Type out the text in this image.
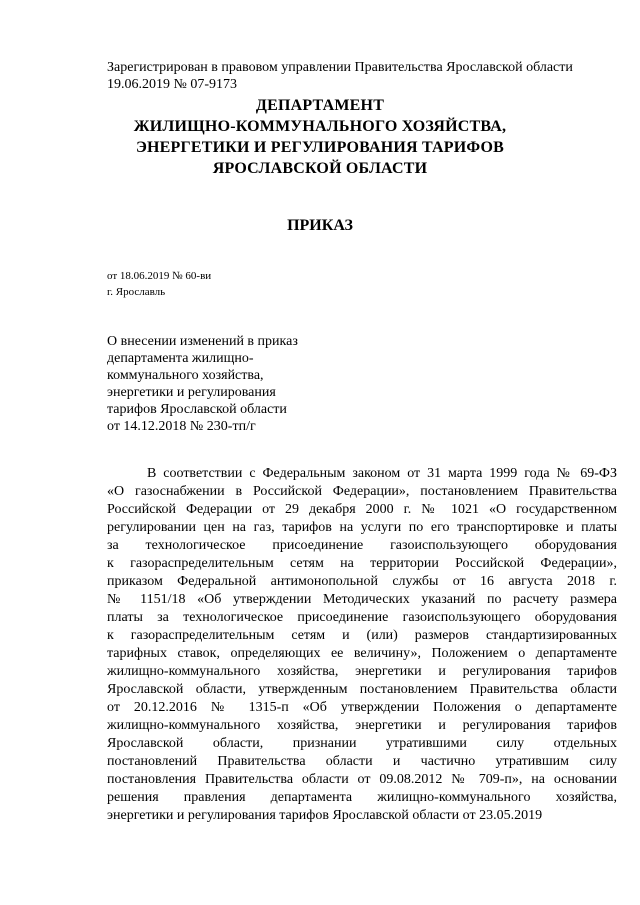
Зарегистрирован в правовом управлении Правительства Ярославской области
19.06.2019 № 07-9173
ДЕПАРТАМЕНТ
ЖИЛИЩНО-КОММУНАЛЬНОГО ХОЗЯЙСТВА,
ЭНЕРГЕТИКИ И РЕГУЛИРОВАНИЯ ТАРИФОВ
ЯРОСЛАВСКОЙ ОБЛАСТИ
ПРИКАЗ
от 18.06.2019 № 60-ви
г. Ярославль
О внесении изменений в приказ
департамента жилищно-
коммунального хозяйства,
энергетики и регулирования
тарифов Ярославской области
от 14.12.2018 № 230-тп/г
В соответствии с Федеральным законом от 31 марта 1999 года № 69-ФЗ
«О газоснабжении в Российской Федерации», постановлением Правительства
Российской Федерации от 29 декабря 2000 г. № 1021 «О государственном
регулировании цен на газ, тарифов на услуги по его транспортировке и платы
за технологическое присоединение газоиспользующего оборудования
к газораспределительным сетям на территории Российской Федерации»,
приказом Федеральной антимонопольной службы от 16 августа 2018 г.
№ 1151/18 «Об утверждении Методических указаний по расчету размера
платы за технологическое присоединение газоиспользующего оборудования
к газораспределительным сетям и (или) размеров стандартизированных
тарифных ставок, определяющих ее величину», Положением о департаменте
жилищно-коммунального хозяйства, энергетики и регулирования тарифов
Ярославской области, утвержденным постановлением Правительства области
от 20.12.2016 № 1315-п «Об утверждении Положения о департаменте
жилищно-коммунального хозяйства, энергетики и регулирования тарифов
Ярославской области, признании утратившими силу отдельных
постановлений Правительства области и частично утратившим силу
постановления Правительства области от 09.08.2012 № 709-п», на основании
решения правления департамента жилищно-коммунального хозяйства,
энергетики и регулирования тарифов Ярославской области от 23.05.2019
